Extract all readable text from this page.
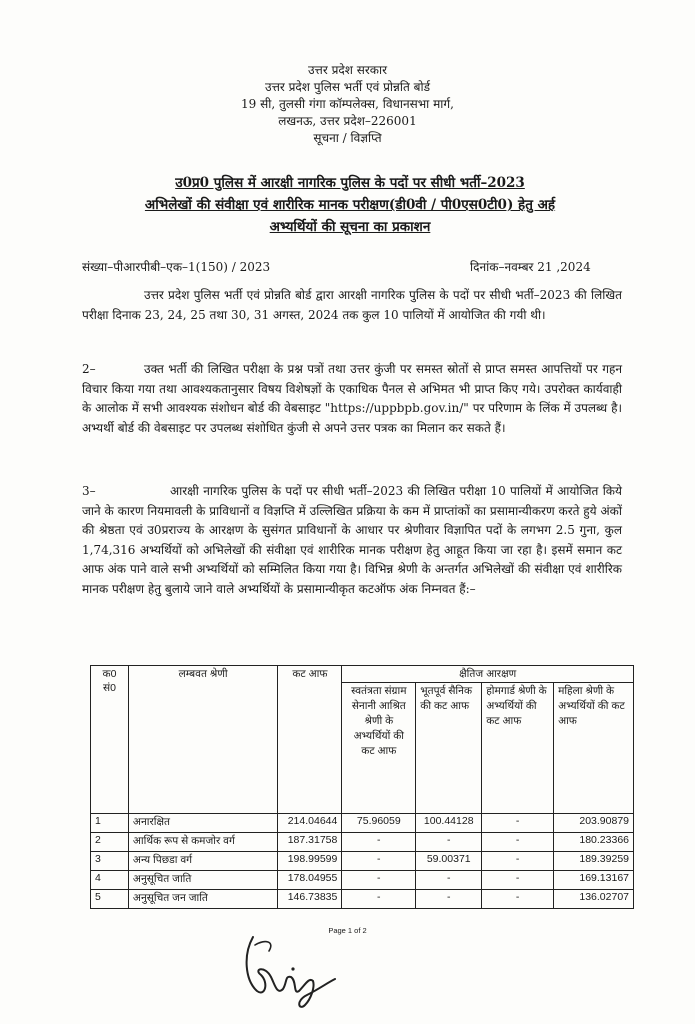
उत्तर प्रदेश सरकार
उत्तर प्रदेश पुलिस भर्ती एवं प्रोन्नति बोर्ड
19 सी, तुलसी गंगा कॉम्पलेक्स, विधानसभा मार्ग,
लखनऊ, उत्तर प्रदेश–226001
सूचना / विज्ञप्ति
उ0प्र0 पुलिस में आरक्षी नागरिक पुलिस के पदों पर सीधी भर्ती–2023
अभिलेखों की संवीक्षा एवं शारीरिक मानक परीक्षण(डी0वी / पी0एस0टी0) हेतु अर्ह
अभ्यर्थियों की सूचना का प्रकाशन
संख्या–पीआरपीबी–एक–1(150) / 2023	दिनांक–नवम्बर 21 ,2024
उत्तर प्रदेश पुलिस भर्ती एवं प्रोन्नति बोर्ड द्वारा आरक्षी नागरिक पुलिस के पदों पर सीधी भर्ती–2023 की लिखित परीक्षा दिनाक 23, 24, 25 तथा 30, 31 अगस्त, 2024 तक कुल 10 पालियों में आयोजित की गयी थी।
2–	उक्त भर्ती की लिखित परीक्षा के प्रश्न पत्रों तथा उत्तर कुंजी पर समस्त स्रोतों से प्राप्त समस्त आपत्तियों पर गहन विचार किया गया तथा आवश्यकतानुसार विषय विशेषज्ञों के एकाधिक पैनल से अभिमत भी प्राप्त किए गये। उपरोक्त कार्यवाही के आलोक में सभी आवश्यक संशोधन बोर्ड की वेबसाइट "https://uppbpb.gov.in/" पर परिणाम के लिंक में उपलब्ध है। अभ्यर्थी बोर्ड की वेबसाइट पर उपलब्ध संशोधित कुंजी से अपने उत्तर पत्रक का मिलान कर सकते हैं।
3–	आरक्षी नागरिक पुलिस के पदों पर सीधी भर्ती–2023 की लिखित परीक्षा 10 पालियों में आयोजित किये जाने के कारण नियमावली के प्राविधानों व विज्ञप्ति में उल्लिखित प्रक्रिया के कम में प्राप्तांकों का प्रसामान्यीकरण करते हुये अंकों की श्रेष्ठता एवं उ0प्रराज्य के आरक्षण के सुसंगत प्राविधानों के आधार पर श्रेणीवार विज्ञापित पदों के लगभग 2.5 गुना, कुल 1,74,316 अभ्यर्थियों को अभिलेखों की संवीक्षा एवं शारीरिक मानक परीक्षण हेतु आहूत किया जा रहा है। इसमें समान कट आफ अंक पाने वाले सभी अभ्यर्थियों को सम्मिलित किया गया है। विभिन्न श्रेणी के अन्तर्गत अभिलेखों की संवीक्षा एवं शारीरिक मानक परीक्षण हेतु बुलाये जाने वाले अभ्यर्थियों के प्रसामान्यीकृत कटऑफ अंक निम्नवत हैं:–
क0 सं0	लम्बवत श्रेणी	कट आफ	क्षैतिज आरक्षण			
			स्वतंत्रता संग्राम सेनानी आश्रित श्रेणी के अभ्यर्थियों की कट आफ	भूतपूर्व सैनिक की कट आफ	होमगार्ड श्रेणी के अभ्यर्थियों की कट आफ	महिला श्रेणी के अभ्यर्थियों की कट आफ
1	अनारक्षित	214.04644	75.96059	100.44128	-	203.90879
2	आर्थिक रूप से कमजोर वर्ग	187.31758	-	-	-	180.23366
3	अन्य पिछडा वर्ग	198.99599	-	59.00371	-	189.39259
4	अनुसूचित जाति	178.04955	-	-	-	169.13167
5	अनुसूचित जन जाति	146.73835	-	-	-	136.02707
Page 1 of 2
